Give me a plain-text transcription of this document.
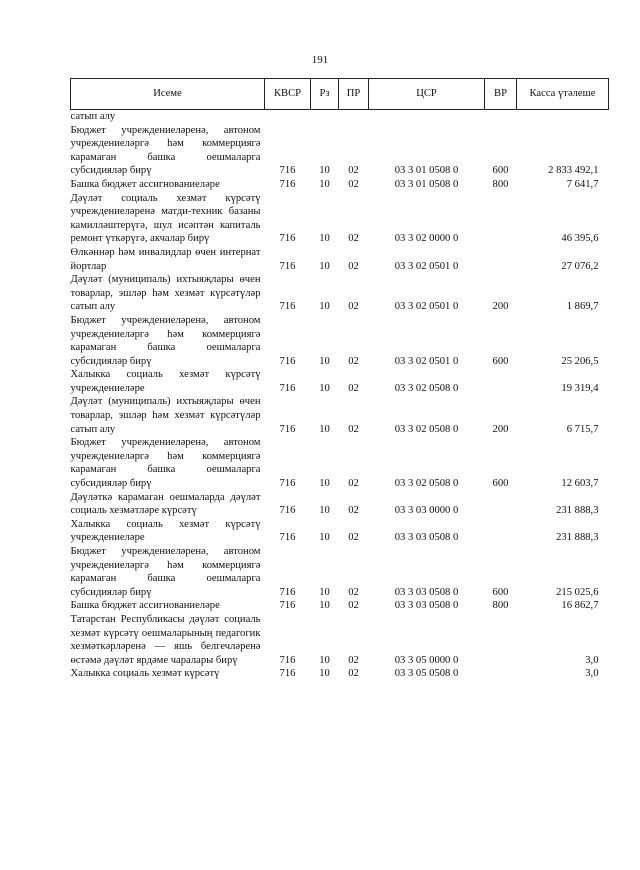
191
Исеме	КВСР	Рз	ПР	ЦСР	ВР	Касса үтәлеше
сатып алу						
Бюджет учреждениеләренә, автоном учреждениеләргә һәм коммерциягә карамаган башка оешмаларга субсидияләр бирү	716	10	02	03 3 01 0508 0	600	2 833 492,1
Башка бюджет ассигнованиеләре	716	10	02	03 3 01 0508 0	800	7 641,7
Дәүләт социаль хезмәт күрсәтү учреждениеләренә матди-техник базаны камилләштерүгә, шул исәптән капиталь ремонт үткәрүгә, акчалар бирү	716	10	02	03 3 02 0000 0		46 395,6
Өлкәннәр һәм инвалидлар өчен интернат йортлар	716	10	02	03 3 02 0501 0		27 076,2
Дәүләт (муниципаль) ихтыяҗлары өчен товарлар, эшләр һәм хезмәт күрсәтүләр сатып алу	716	10	02	03 3 02 0501 0	200	1 869,7
Бюджет учреждениеләренә, автоном учреждениеләргә һәм коммерциягә карамаган башка оешмаларга субсидияләр бирү	716	10	02	03 3 02 0501 0	600	25 206,5
Халыкка социаль хезмәт күрсәтү учреждениеләре	716	10	02	03 3 02 0508 0		19 319,4
Дәүләт (муниципаль) ихтыяҗлары өчен товарлар, эшләр һәм хезмәт күрсәтүләр сатып алу	716	10	02	03 3 02 0508 0	200	6 715,7
Бюджет учреждениеләренә, автоном учреждениеләргә һәм коммерциягә карамаган башка оешмаларга субсидияләр бирү	716	10	02	03 3 02 0508 0	600	12 603,7
Дәүләткә карамаган оешмаларда дәүләт социаль хезмәтләре күрсәтү	716	10	02	03 3 03 0000 0		231 888,3
Халыкка социаль хезмәт күрсәтү учреждениеләре	716	10	02	03 3 03 0508 0		231 888,3
Бюджет учреждениеләренә, автоном учреждениеләргә һәм коммерциягә карамаган башка оешмаларга субсидияләр бирү	716	10	02	03 3 03 0508 0	600	215 025,6
Башка бюджет ассигнованиеләре	716	10	02	03 3 03 0508 0	800	16 862,7
Татарстан Республикасы дәүләт социаль хезмәт күрсәтү оешмаларының педагогик хезмәткәрләренә — яшь белгечләренә өстәмә дәүләт ярдәме чаралары бирү	716	10	02	03 3 05 0000 0		3,0
Халыкка социаль хезмәт күрсәтү	716	10	02	03 3 05 0508 0		3,0
